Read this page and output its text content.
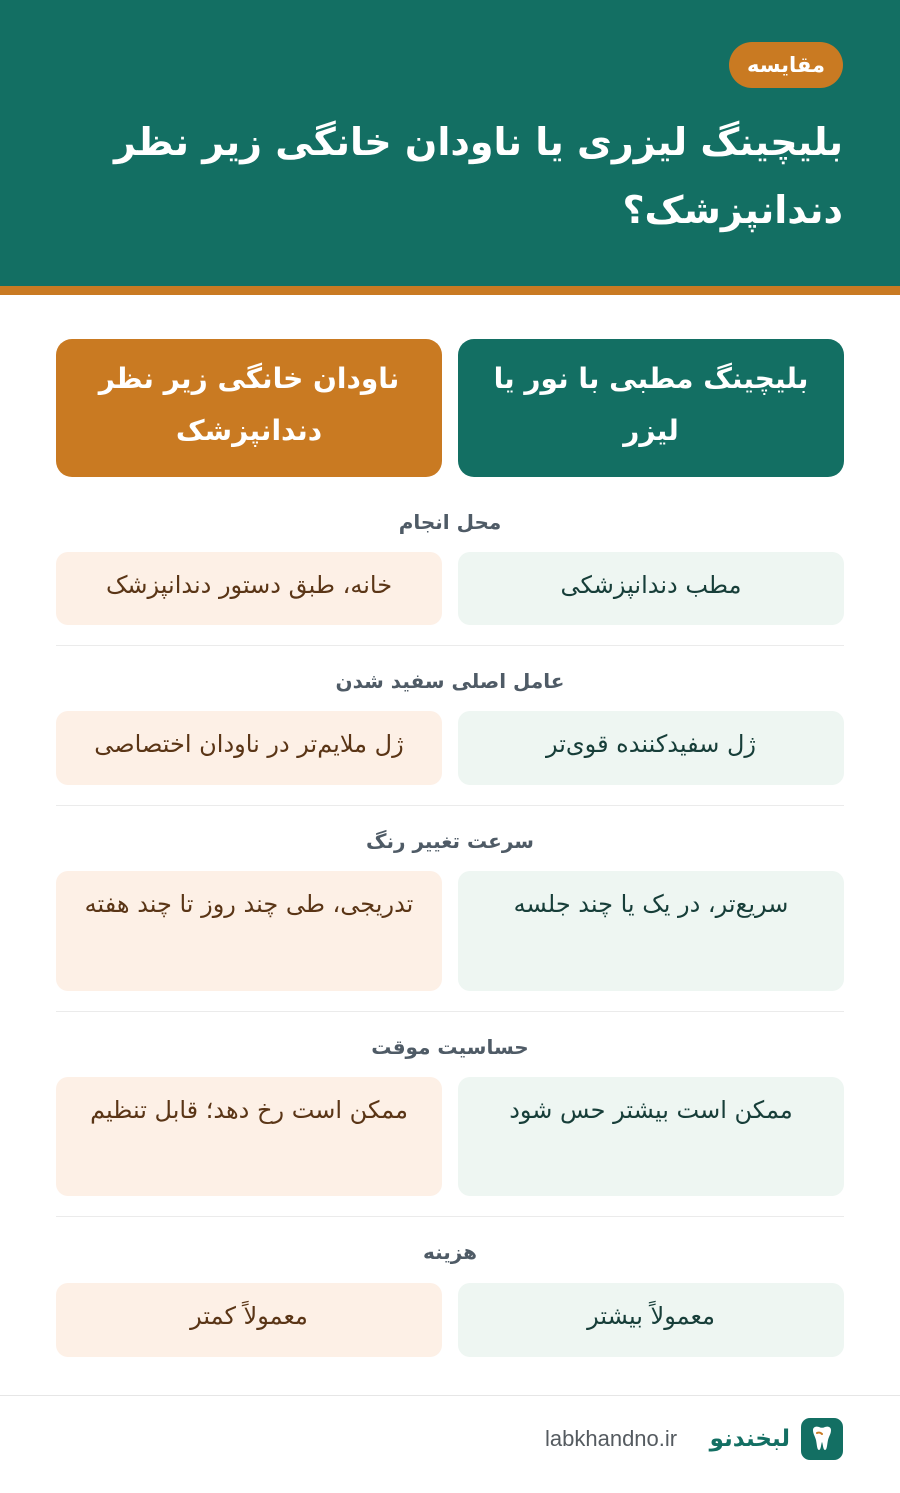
مقایسه
بلیچینگ لیزری یا ناودان خانگی زیر نظر دندانپزشک؟
بلیچینگ مطبی با نور یا لیزر
ناودان خانگی زیر نظر دندانپزشک
محل انجام
مطب دندانپزشکی
خانه، طبق دستور دندانپزشک
عامل اصلی سفید شدن
ژل سفیدکننده قوی‌تر
ژل ملایم‌تر در ناودان اختصاصی
سرعت تغییر رنگ
سریع‌تر، در یک یا چند جلسه
تدریجی، طی چند روز تا چند هفته
حساسیت موقت
ممکن است بیشتر حس شود
ممکن است رخ دهد؛ قابل تنظیم
هزینه
معمولاً بیشتر
معمولاً کمتر
لبخندنو
labkhandno.ir
